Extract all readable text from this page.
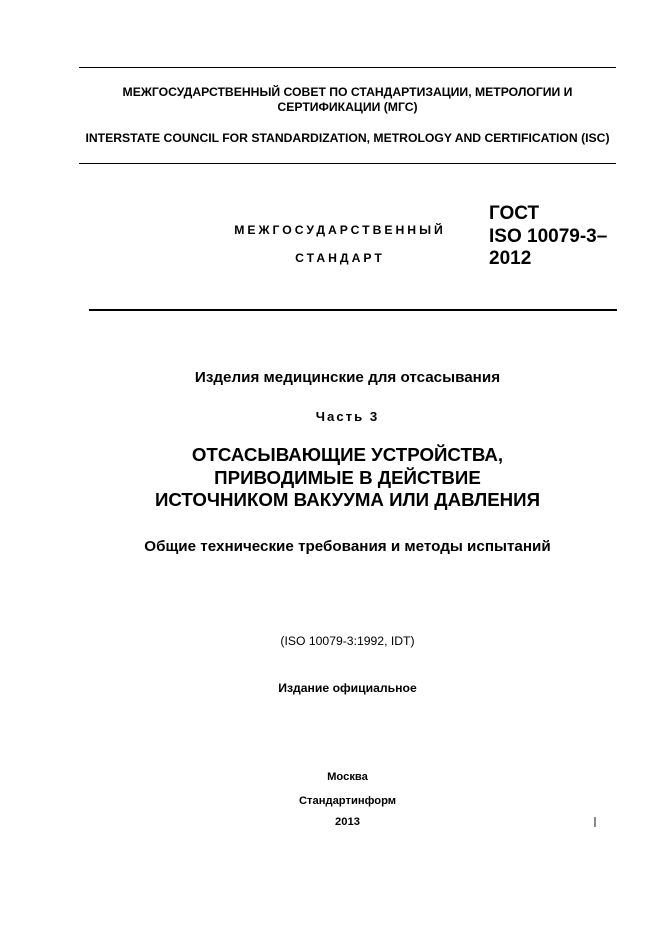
МЕЖГОСУДАРСТВЕННЫЙ СОВЕТ ПО СТАНДАРТИЗАЦИИ, МЕТРОЛОГИИ И СЕРТИФИКАЦИИ (МГС)
INTERSTATE COUNCIL FOR STANDARDIZATION, METROLOGY AND CERTIFICATION (ISC)
МЕЖГОСУДАРСТВЕННЫЙ
СТАНДАРТ
ГОСТ
ISO 10079-3–
2012
Изделия медицинские для отсасывания
Часть 3
ОТСАСЫВАЮЩИЕ УСТРОЙСТВА,
ПРИВОДИМЫЕ В ДЕЙСТВИЕ
ИСТОЧНИКОМ ВАКУУМА ИЛИ ДАВЛЕНИЯ
Общие технические требования и методы испытаний
(ISO 10079-3:1992, IDT)
Издание официальное
Москва
Стандартинформ
2013
